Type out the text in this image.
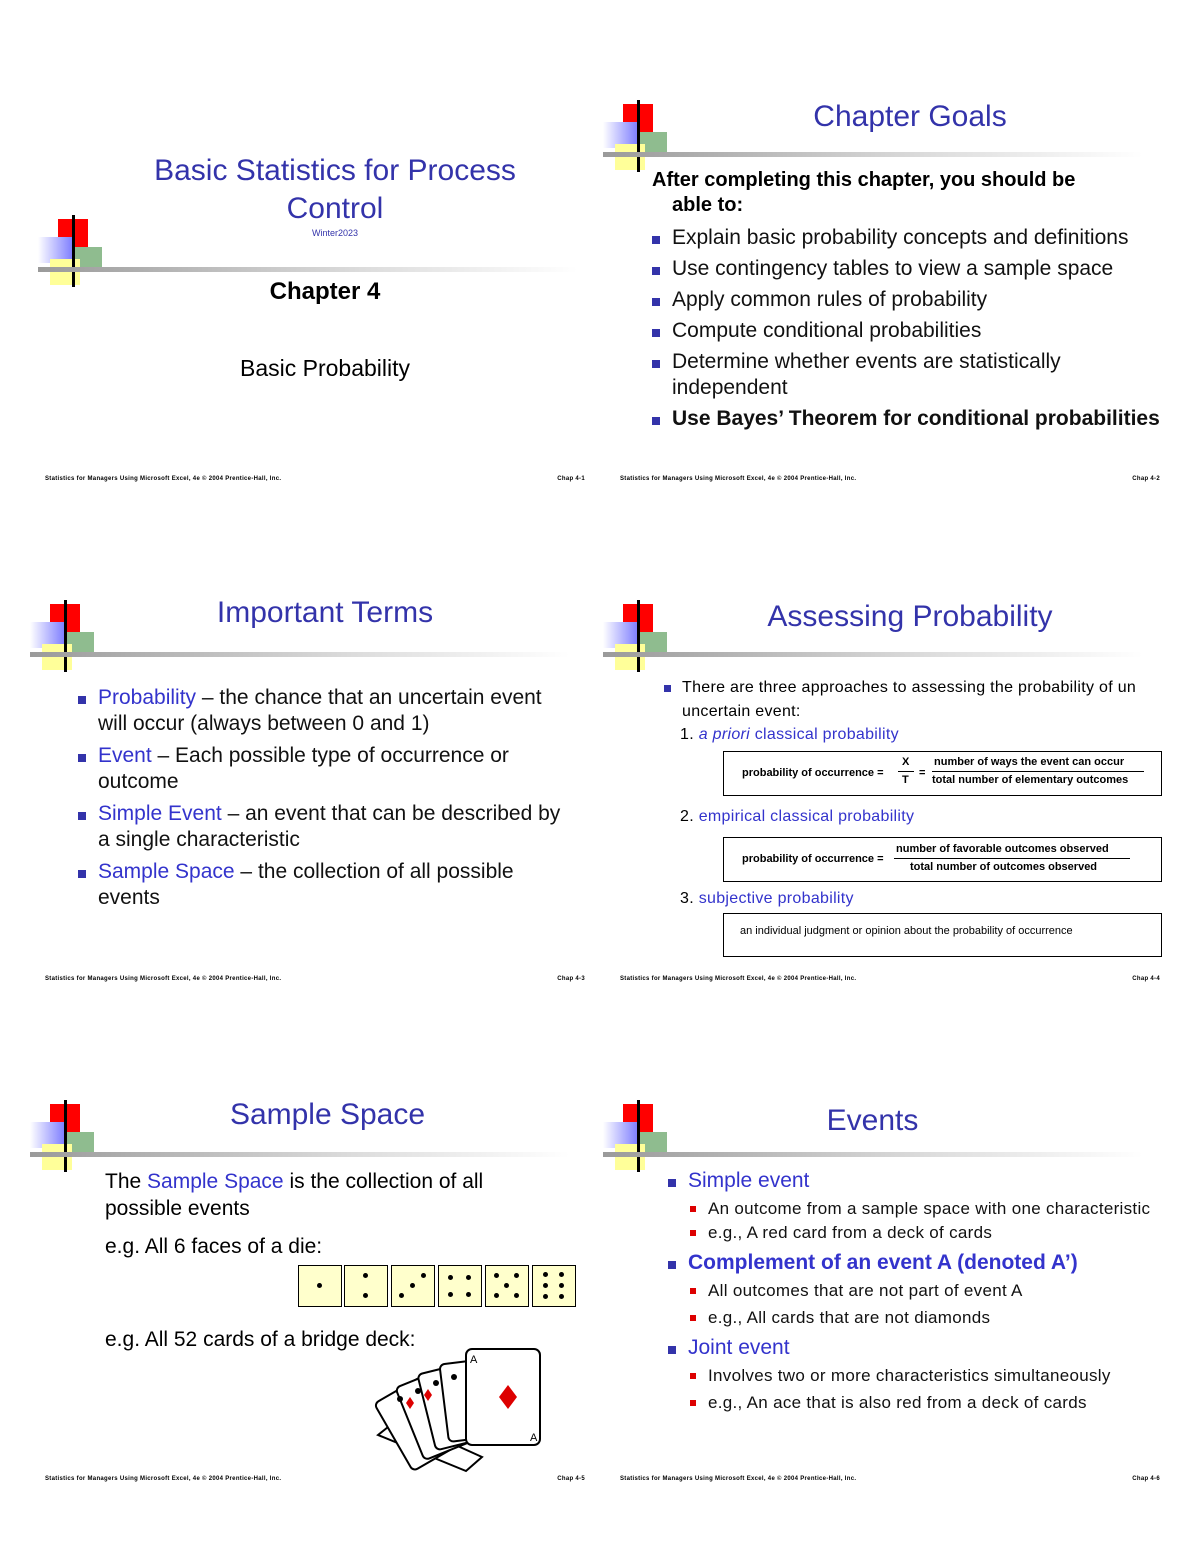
Basic Statistics for Process
Control
Winter2023
Chapter 4
Basic Probability
Statistics for Managers Using Microsoft Excel, 4e © 2004 Prentice-Hall, Inc.	Chap 4-1
Chapter Goals
After completing this chapter, you should be
able to:
Explain basic probability concepts and definitions
Use contingency tables to view a sample space
Apply common rules of probability
Compute conditional probabilities
Determine whether events are statistically independent
Use Bayes’ Theorem for conditional probabilities
Statistics for Managers Using Microsoft Excel, 4e © 2004 Prentice-Hall, Inc.	Chap 4-2
Important Terms
Probability – the chance that an uncertain event will occur (always between 0 and 1)
Event – Each possible type of occurrence or outcome
Simple Event – an event that can be described by a single characteristic
Sample Space – the collection of all possible events
Statistics for Managers Using Microsoft Excel, 4e © 2004 Prentice-Hall, Inc.	Chap 4-3
Assessing Probability
There are three approaches to assessing the probability of un uncertain event:
1. a priori classical probability
probability of occurrence =
X
T
=
number of ways the event can occur
total number of elementary outcomes
2. empirical classical probability
probability of occurrence =
number of favorable outcomes observed
total number of outcomes observed
3. subjective probability
an individual judgment or opinion about the probability of occurrence
Statistics for Managers Using Microsoft Excel, 4e © 2004 Prentice-Hall, Inc.	Chap 4-4
Sample Space
The Sample Space is the collection of all possible events
e.g. All 6 faces of a die:
e.g. All 52 cards of a bridge deck:
A
A
Statistics for Managers Using Microsoft Excel, 4e © 2004 Prentice-Hall, Inc.	Chap 4-5
Events
Simple event
An outcome from a sample space with one characteristic
e.g., A red card from a deck of cards
Complement of an event A (denoted A’)
All outcomes that are not part of event A
e.g., All cards that are not diamonds
Joint event
Involves two or more characteristics simultaneously
e.g., An ace that is also red from a deck of cards
Statistics for Managers Using Microsoft Excel, 4e © 2004 Prentice-Hall, Inc.	Chap 4-6
